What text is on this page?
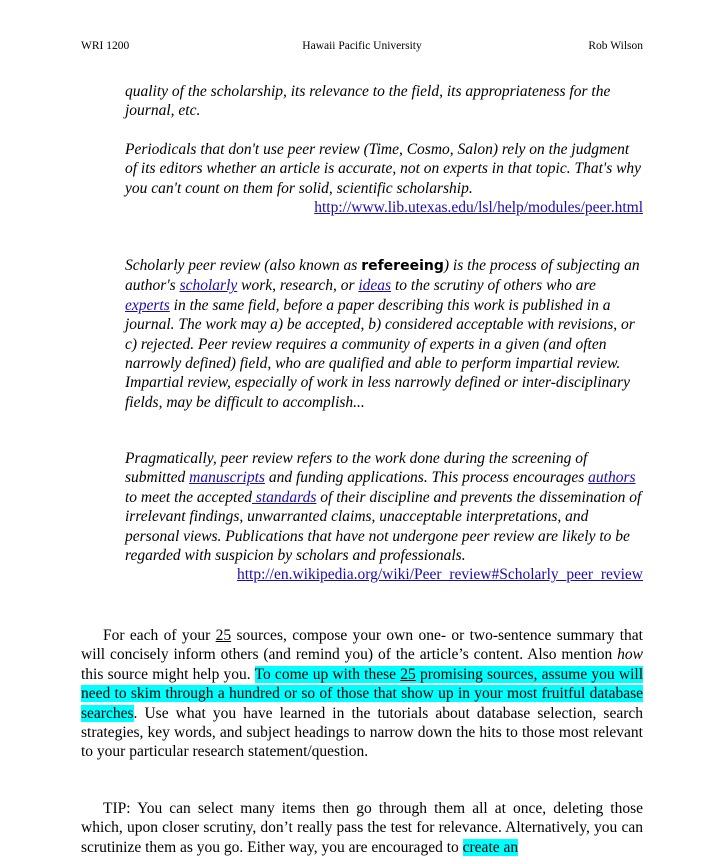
WRI 1200	Hawaii Pacific University	Rob Wilson
quality of the scholarship, its relevance to the field, its appropriateness for the journal, etc.
Periodicals that don't use peer review (Time, Cosmo, Salon) rely on the judgment of its editors whether an article is accurate, not on experts in that topic. That's why you can't count on them for solid, scientific scholarship.
http://www.lib.utexas.edu/lsl/help/modules/peer.html
Scholarly peer review (also known as refereeing) is the process of subjecting an author's scholarly work, research, or ideas to the scrutiny of others who are experts in the same field, before a paper describing this work is published in a journal. The work may a) be accepted, b) considered acceptable with revisions, or c) rejected. Peer review requires a community of experts in a given (and often narrowly defined) field, who are qualified and able to perform impartial review. Impartial review, especially of work in less narrowly defined or inter-disciplinary fields, may be difficult to accomplish...
Pragmatically, peer review refers to the work done during the screening of submitted manuscripts and funding applications. This process encourages authors to meet the accepted standards of their discipline and prevents the dissemination of irrelevant findings, unwarranted claims, unacceptable interpretations, and personal views. Publications that have not undergone peer review are likely to be regarded with suspicion by scholars and professionals.
http://en.wikipedia.org/wiki/Peer_review#Scholarly_peer_review
For each of your 25 sources, compose your own one- or two-sentence summary that will concisely inform others (and remind you) of the article’s content. Also mention how this source might help you. To come up with these 25 promising sources, assume you will need to skim through a hundred or so of those that show up in your most fruitful database searches. Use what you have learned in the tutorials about database selection, search strategies, key words, and subject headings to narrow down the hits to those most relevant to your particular research statement/question.
TIP: You can select many items then go through them all at once, deleting those which, upon closer scrutiny, don’t really pass the test for relevance. Alternatively, you can scrutinize them as you go. Either way, you are encouraged to create an
